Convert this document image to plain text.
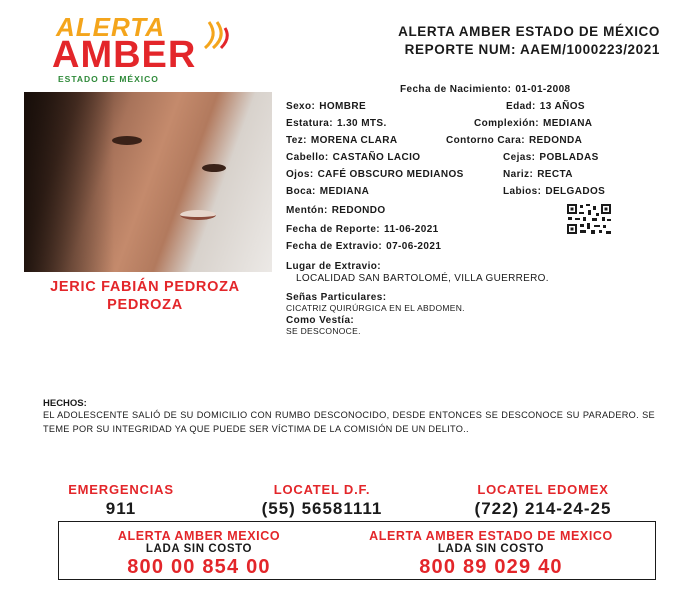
ALERTA
AMBER
ESTADO DE MÉXICO
ALERTA AMBER ESTADO DE MÉXICO
REPORTE NUM: AAEM/1000223/2021
JERIC FABIÁN PEDROZA
PEDROZA
Fecha de Nacimiento: 01-01-2008
Sexo: HOMBRE	Edad: 13 AÑOS
Estatura: 1.30 MTS.	Complexión: MEDIANA
Tez: MORENA CLARA	Contorno Cara: REDONDA
Cabello: CASTAÑO LACIO	Cejas: POBLADAS
Ojos: CAFÉ OBSCURO MEDIANOS	Nariz: RECTA
Boca: MEDIANA	Labios: DELGADOS
Mentón: REDONDO
Fecha de Reporte: 11-06-2021
Fecha de Extravio: 07-06-2021
Lugar de Extravio:
LOCALIDAD SAN BARTOLOMÉ, VILLA GUERRERO.
Señas Particulares:
CICATRIZ QUIRÚRGICA EN EL ABDOMEN.
Como Vestía:
SE DESCONOCE.
HECHOS:
EL ADOLESCENTE SALIÓ DE SU DOMICILIO CON RUMBO DESCONOCIDO, DESDE ENTONCES SE DESCONOCE SU PARADERO. SE TEME POR SU INTEGRIDAD YA QUE PUEDE SER VÍCTIMA DE LA COMISIÓN DE UN DELITO..
EMERGENCIAS
911
LOCATEL D.F.
(55) 56581111
LOCATEL EDOMEX
(722) 214-24-25
ALERTA AMBER MEXICO
LADA SIN COSTO
800 00 854 00
ALERTA AMBER ESTADO DE MEXICO
LADA SIN COSTO
800 89 029 40
